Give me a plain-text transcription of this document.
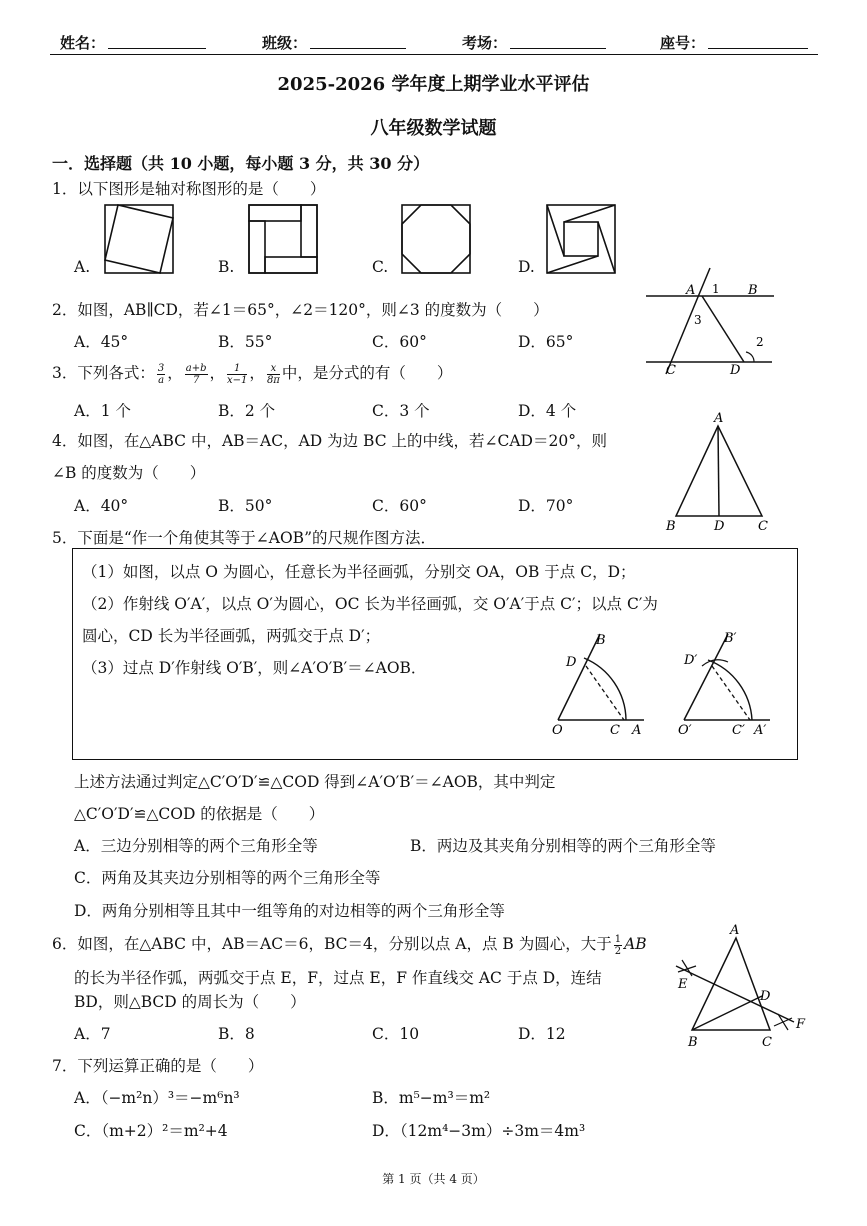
姓名：	班级：	考场：	座号：
2025-2026 学年度上期学业水平评估
八年级数学试题
一．选择题（共 10 小题，每小题 3 分，共 30 分）
1．以下图形是轴对称图形的是（　　）
A.	B.	C.	D.
2．如图，AB∥CD，若∠1＝65°，∠2＝120°，则∠3 的度数为（　　）
A．45°	B．55°	C．60°	D．65°
A	B
C	D
1
2
3
3．下列各式： $\frac{3}{a}$ ， $\frac{a+b}{7}$ ， $\frac{1}{x-1}$ ， $\frac{x}{8\pi}$ 中，是分式的有（　　）
A．1 个	B．2 个	C．3 个	D．4 个
4．如图，在△ABC 中，AB＝AC，AD 为边 BC 上的中线，若∠CAD＝20°，则
∠B 的度数为（　　）
A．40°	B．50°	C．60°	D．70°
A
B	D	C
5．下面是“作一个角使其等于∠AOB”的尺规作图方法．
（1）如图，以点 O 为圆心，任意长为半径画弧，分别交 OA，OB 于点 C，D；
（2）作射线 O′A′，以点 O′为圆心，OC 长为半径画弧，交 O′A′于点 C′；以点 C′为
圆心，CD 长为半径画弧，两弧交于点 D′；
（3）过点 D′作射线 O′B′，则∠A′O′B′＝∠AOB．
B
D
O	C A
B′
D′
O′	C′ A′
上述方法通过判定△C′O′D′≌△COD 得到∠A′O′B′＝∠AOB，其中判定
△C′O′D′≌△COD 的依据是（　　）
A．三边分别相等的两个三角形全等	B．两边及其夹角分别相等的两个三角形全等
C．两角及其夹边分别相等的两个三角形全等
D．两角分别相等且其中一组等角的对边相等的两个三角形全等
6．如图，在△ABC 中，AB＝AC＝6，BC＝4，分别以点 A，点 B 为圆心，大于 $\frac{1}{2}$ AB
的长为半径作弧，两弧交于点 E，F，过点 E，F 作直线交 AC 于点 D，连结
BD，则△BCD 的周长为（　　）
A．7	B．8	C．10	D．12
A
B	C
D
E
F
7．下列运算正确的是（　　）
A．（−m²n）³＝−m⁶n³	B．m⁵−m³＝m²
C．（m+2）²＝m²+4	D．（12m⁴−3m）÷3m＝4m³
第 1 页（共 4 页）
